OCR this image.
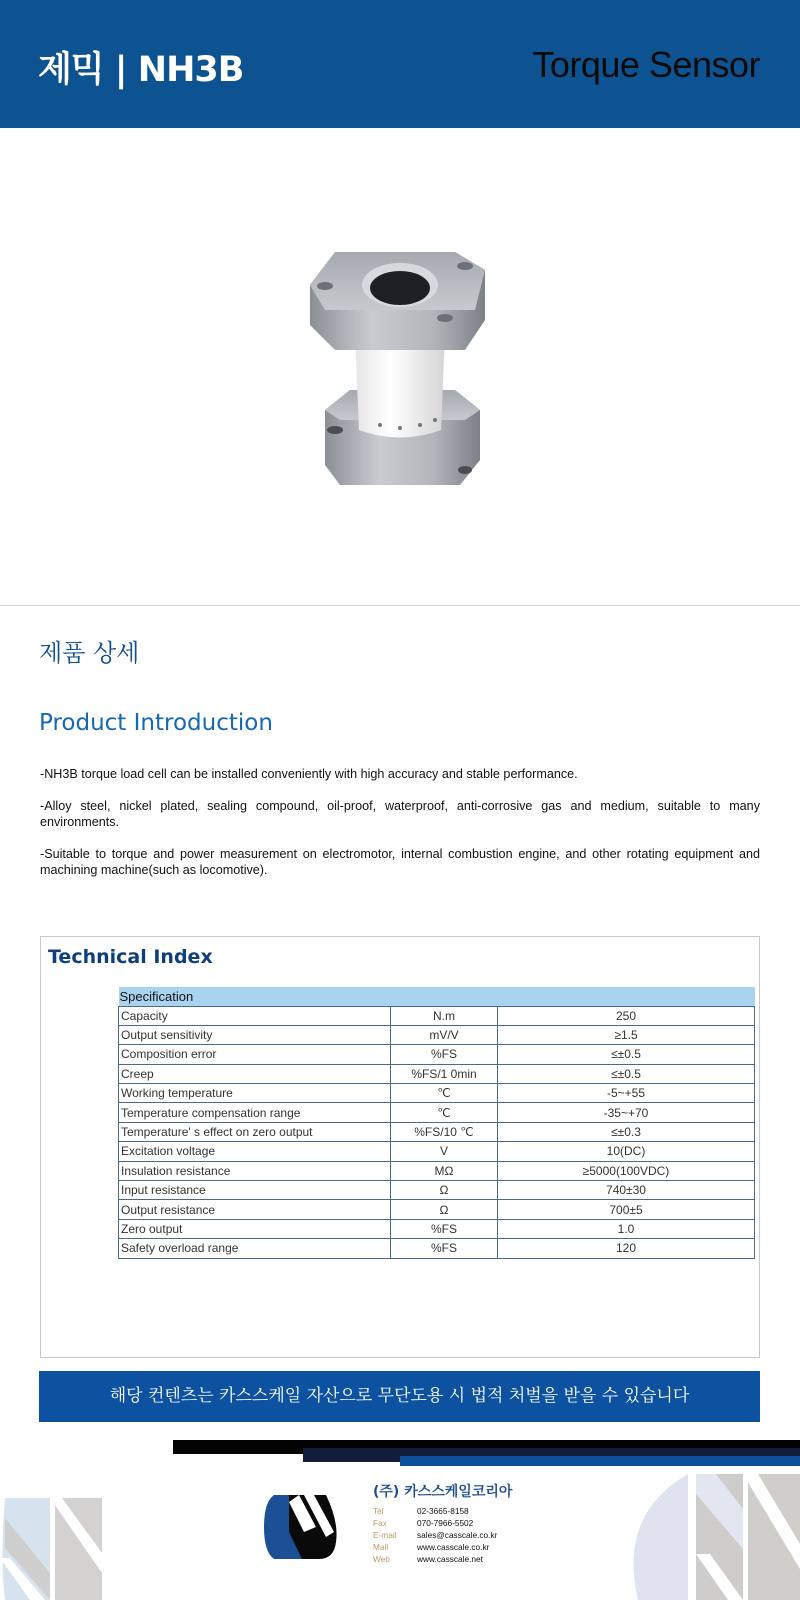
제믹 | NH3B	Torque Sensor
제품 상세
Product Introduction

-NH3B torque load cell can be installed conveniently with high accuracy and stable performance.

-Alloy steel, nickel plated, sealing compound, oil-proof, waterproof, anti-corrosive gas and medium, suitable to many environments.

-Suitable to torque and power measurement on electromotor, internal combustion engine, and other rotating equipment and machining machine(such as locomotive).

Technical Index
Specification		
Capacity	N.m	250
Output sensitivity	mV/V	≥1.5
Composition error	%FS	≤±0.5
Creep	%FS/1 0min	≤±0.5
Working temperature	℃	-5~+55
Temperature compensation range	℃	-35~+70
Temperature' s effect on zero output	%FS/10 ℃	≤±0.3
Excitation voltage	V	10(DC)
Insulation resistance	MΩ	≥5000(100VDC)
Input resistance	Ω	740±30
Output resistance	Ω	700±5
Zero output	%FS	1.0
Safety overload range	%FS	120
해당 컨텐츠는 카스스케일 자산으로 무단도용 시 법적 처벌을 받을 수 있습니다
(주) 카스스케일코리아
Tel	02-3665-8158
Fax	070-7966-5502
E-mail	sales@casscale.co.kr
Mall	www.casscale.co.kr
Web	www.casscale.net
